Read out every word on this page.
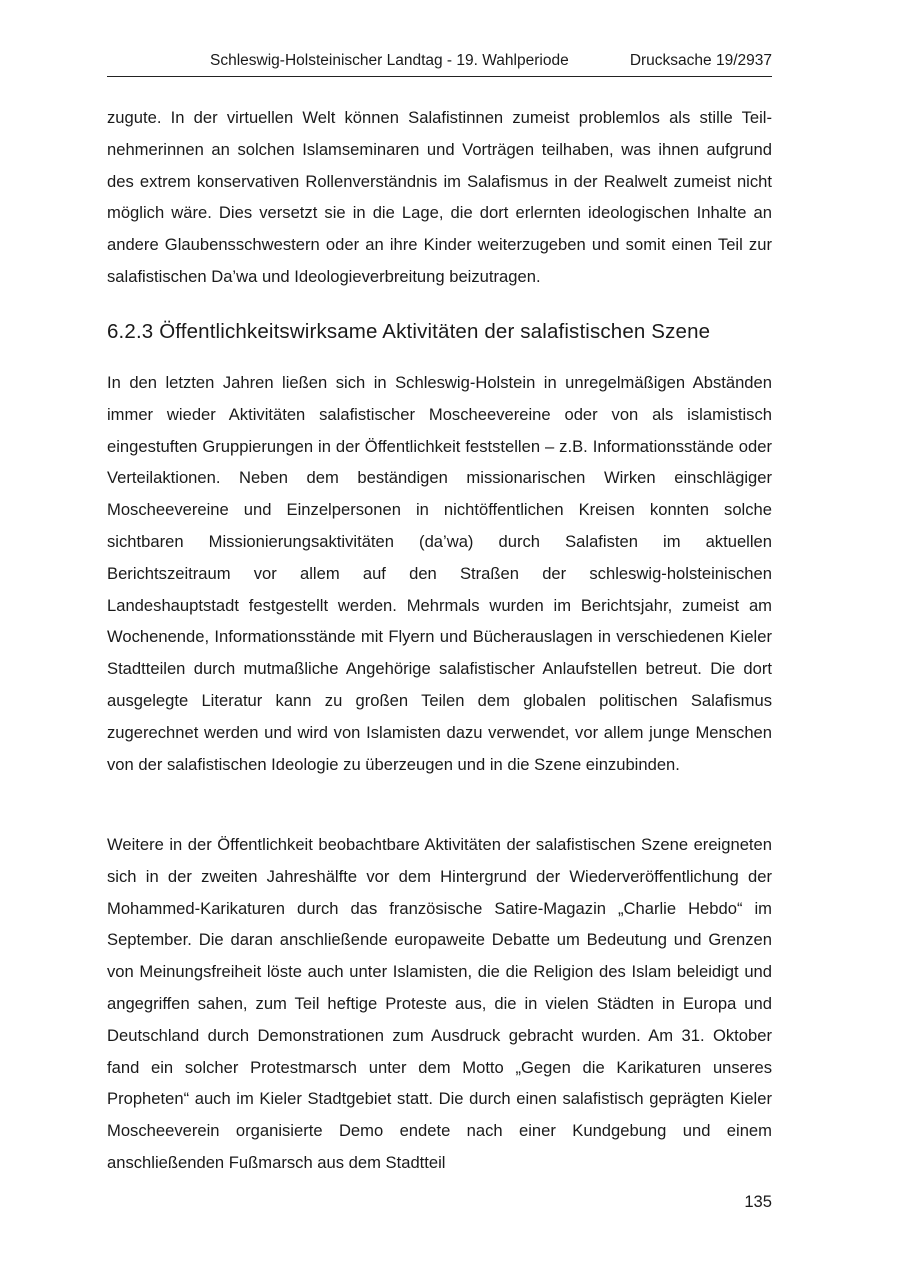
Schleswig-Holsteinischer Landtag - 19. Wahlperiode	Drucksache 19/2937

zugute. In der virtuellen Welt können Salafistinnen zumeist problemlos als stille Teilnehmerinnen an solchen Islamseminaren und Vorträgen teilhaben, was ihnen aufgrund des extrem konservativen Rollenverständnis im Salafismus in der Realwelt zumeist nicht möglich wäre. Dies versetzt sie in die Lage, die dort erlernten ideologischen Inhalte an andere Glaubensschwestern oder an ihre Kinder weiterzugeben und somit einen Teil zur salafistischen Da’wa und Ideologieverbreitung beizutragen.

6.2.3 Öffentlichkeitswirksame Aktivitäten der salafistischen Szene

In den letzten Jahren ließen sich in Schleswig-Holstein in unregelmäßigen Abständen immer wieder Aktivitäten salafistischer Moscheevereine oder von als islamistisch eingestuften Gruppierungen in der Öffentlichkeit feststellen – z.B. Informationsstände oder Verteilaktionen. Neben dem beständigen missionarischen Wirken einschlägiger Moscheevereine und Einzelpersonen in nichtöffentlichen Kreisen konnten solche sichtbaren Missionierungsaktivitäten (da’wa) durch Salafisten im aktuellen Berichtszeitraum vor allem auf den Straßen der schleswig-holsteinischen Landeshauptstadt festgestellt werden. Mehrmals wurden im Berichtsjahr, zumeist am Wochenende, Informationsstände mit Flyern und Bücherauslagen in verschiedenen Kieler Stadtteilen durch mutmaßliche Angehörige salafistischer Anlaufstellen betreut. Die dort ausgelegte Literatur kann zu großen Teilen dem globalen politischen Salafismus zugerechnet werden und wird von Islamisten dazu verwendet, vor allem junge Menschen von der salafistischen Ideologie zu überzeugen und in die Szene einzubinden.

Weitere in der Öffentlichkeit beobachtbare Aktivitäten der salafistischen Szene ereigneten sich in der zweiten Jahreshälfte vor dem Hintergrund der Wiederveröffentlichung der Mohammed-Karikaturen durch das französische Satire-Magazin „Charlie Hebdo“ im September. Die daran anschließende europaweite Debatte um Bedeutung und Grenzen von Meinungsfreiheit löste auch unter Islamisten, die die Religion des Islam beleidigt und angegriffen sahen, zum Teil heftige Proteste aus, die in vielen Städten in Europa und Deutschland durch Demonstrationen zum Ausdruck gebracht wurden. Am 31. Oktober fand ein solcher Protestmarsch unter dem Motto „Gegen die Karikaturen unseres Propheten“ auch im Kieler Stadtgebiet statt. Die durch einen salafistisch geprägten Kieler Moscheeverein organisierte Demo endete nach einer Kundgebung und einem anschließenden Fußmarsch aus dem Stadtteil

135
